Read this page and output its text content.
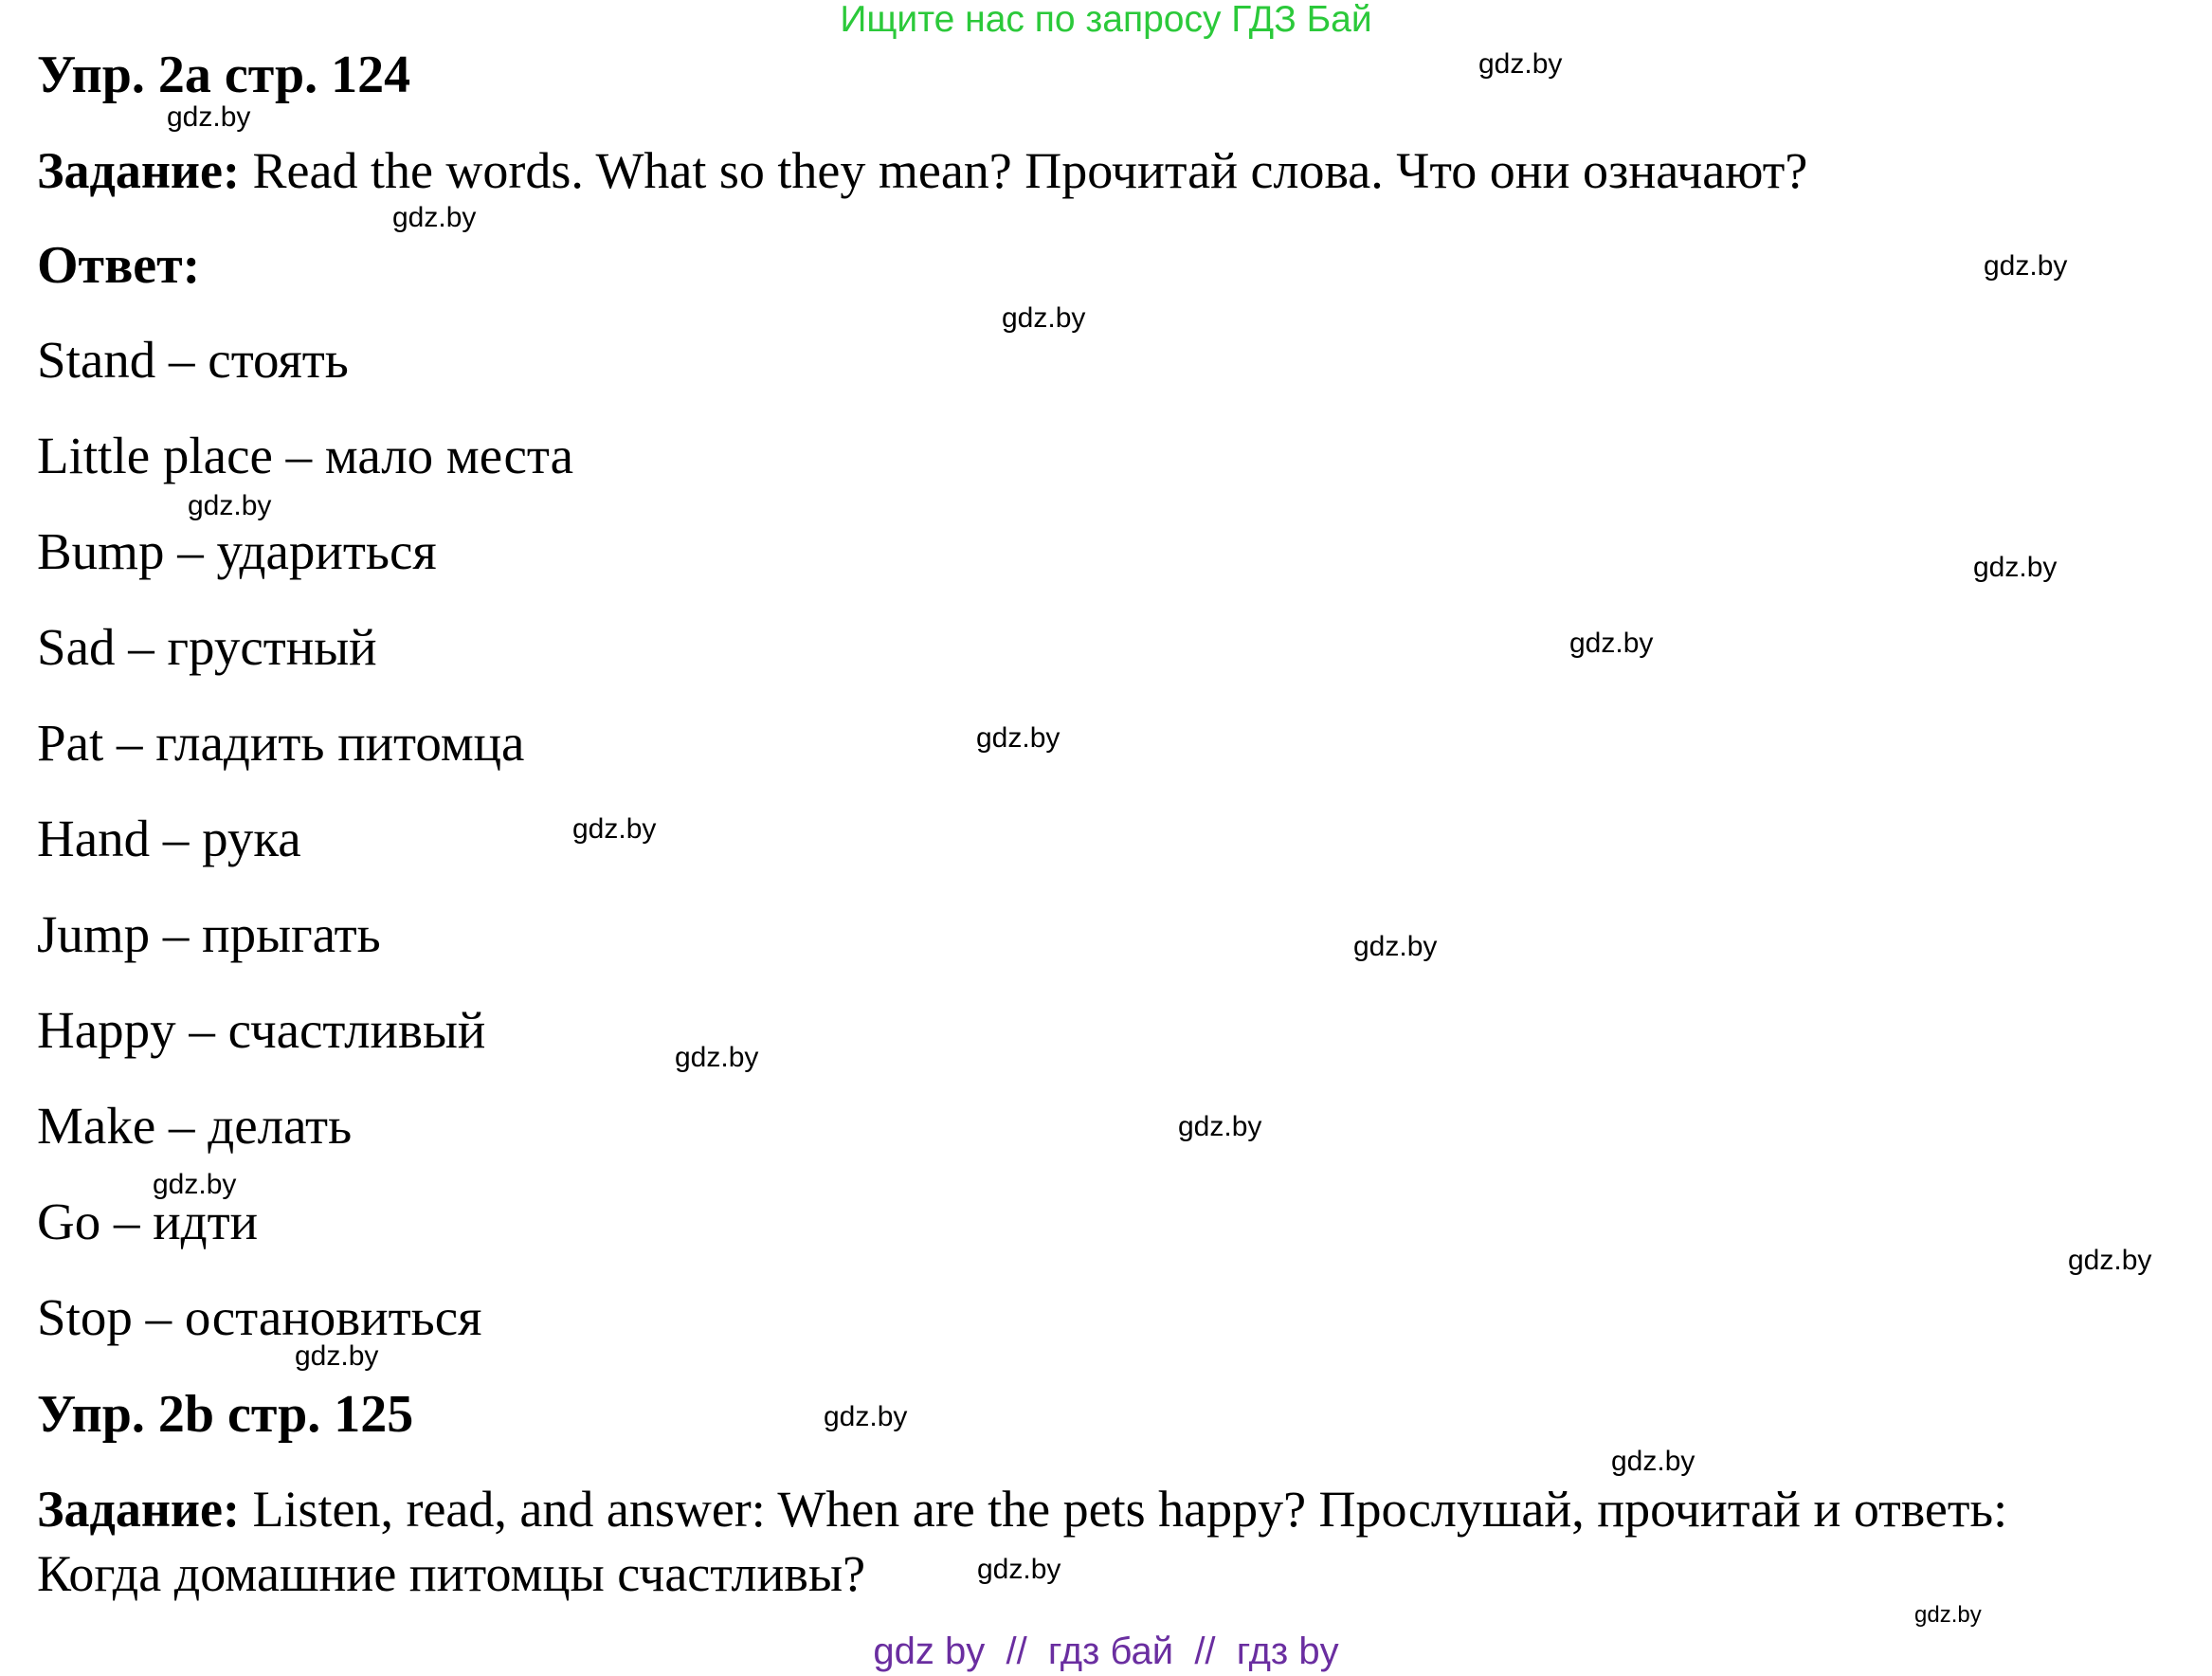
Ищите нас по запросу ГДЗ Бай
Упр. 2a стр. 124
Задание: Read the words. What so they mean? Прочитай слова. Что они означают?
Ответ:
Stand – стоять
Little place – мало места
Bump – удариться
Sad – грустный
Pat – гладить питомца
Hand – рука
Jump – прыгать
Happy – счастливый
Make – делать
Go – идти
Stop – остановиться
Упр. 2b стр. 125
Задание: Listen, read, and answer: When are the pets happy? Прослушай, прочитай и ответь:
Когда домашние питомцы счастливы?
gdz.by
gdz.by
gdz.by
gdz.by
gdz.by
gdz.by
gdz.by
gdz.by
gdz.by
gdz.by
gdz.by
gdz.by
gdz.by
gdz.by
gdz.by
gdz.by
gdz.by
gdz.by
gdz.by
gdz.by
gdz by  //  гдз бай  //  гдз by
